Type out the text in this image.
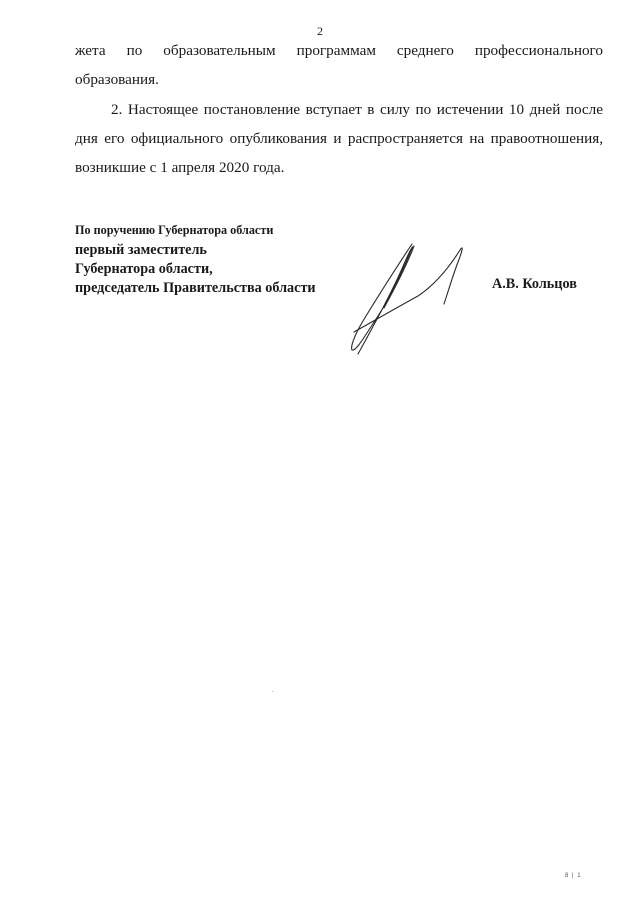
2

жета по образовательным программам среднего профессионального образования.

2. Настоящее постановление вступает в силу по истечении 10 дней после дня его официального опубликования и распространяется на правоотношения, возникшие с 1 апреля 2020 года.

По поручению Губернатора области
первый заместитель
Губернатора области,
председатель Правительства области	А.В. Кольцов
8 | 1
